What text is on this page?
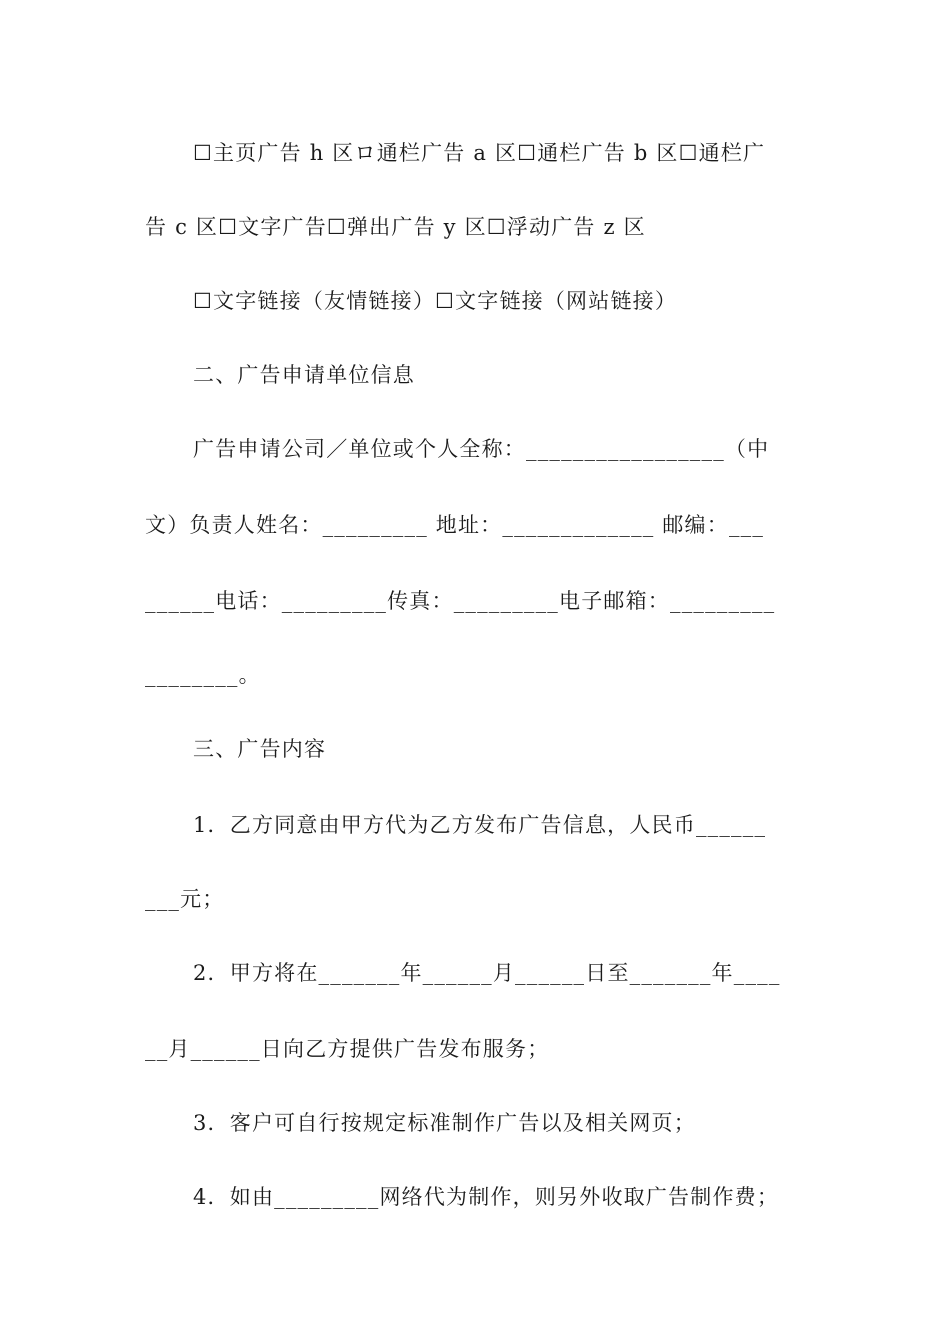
☐主页广告 h 区ロ通栏广告 a 区☐通栏广告 b 区☐通栏广
告 c 区☐文字广告☐弹出广告 y 区☐浮动广告 z 区
☐文字链接（友情链接）☐文字链接（网站链接）
二、广告申请单位信息
广告申请公司／单位或个人全称：_________________（中
文）负责人姓名：_________ 地址：_____________ 邮编：___
______电话：_________传真：_________电子邮箱：_________
________。
三、广告内容
1．乙方同意由甲方代为乙方发布广告信息，人民币______
___元；
2．甲方将在_______年______月______日至_______年____
__月______日向乙方提供广告发布服务；
3．客户可自行按规定标准制作广告以及相关网页；
4．如由_________网络代为制作，则另外收取广告制作费；
